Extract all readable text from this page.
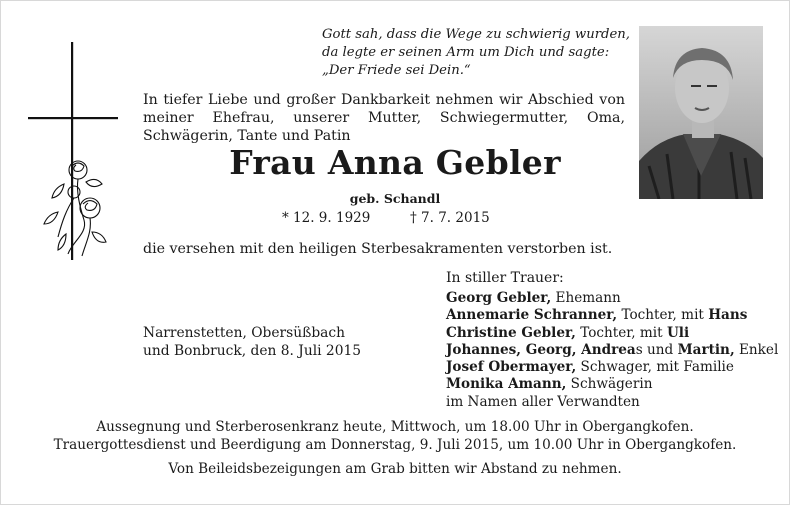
Gott sah, dass die Wege zu schwierig wurden,
da legte er seinen Arm um Dich und sagte:
„Der Friede sei Dein.“
In tiefer Liebe und großer Dankbarkeit nehmen wir Abschied von meiner Ehefrau, unserer Mutter, Schwiegermutter, Oma, Schwägerin, Tante und Patin
Frau Anna Gebler
geb. Schandl
* 12. 9. 1929	† 7. 7. 2015
die versehen mit den heiligen Sterbesakramenten verstorben ist.
In stiller Trauer:
Georg Gebler, Ehemann
Annemarie Schranner, Tochter, mit Hans
Christine Gebler, Tochter, mit Uli
Johannes, Georg, Andreas und Martin, Enkel
Josef Obermayer, Schwager, mit Familie
Monika Amann, Schwägerin
im Namen aller Verwandten
Narrenstetten, Obersüßbach
und Bonbruck, den 8. Juli 2015

Aussegnung und Sterberosenkranz heute, Mittwoch, um 18.00 Uhr in Obergangkofen.

Trauergottesdienst und Beerdigung am Donnerstag, 9. Juli 2015, um 10.00 Uhr in Obergangkofen.

Von Beileidsbezeigungen am Grab bitten wir Abstand zu nehmen.
